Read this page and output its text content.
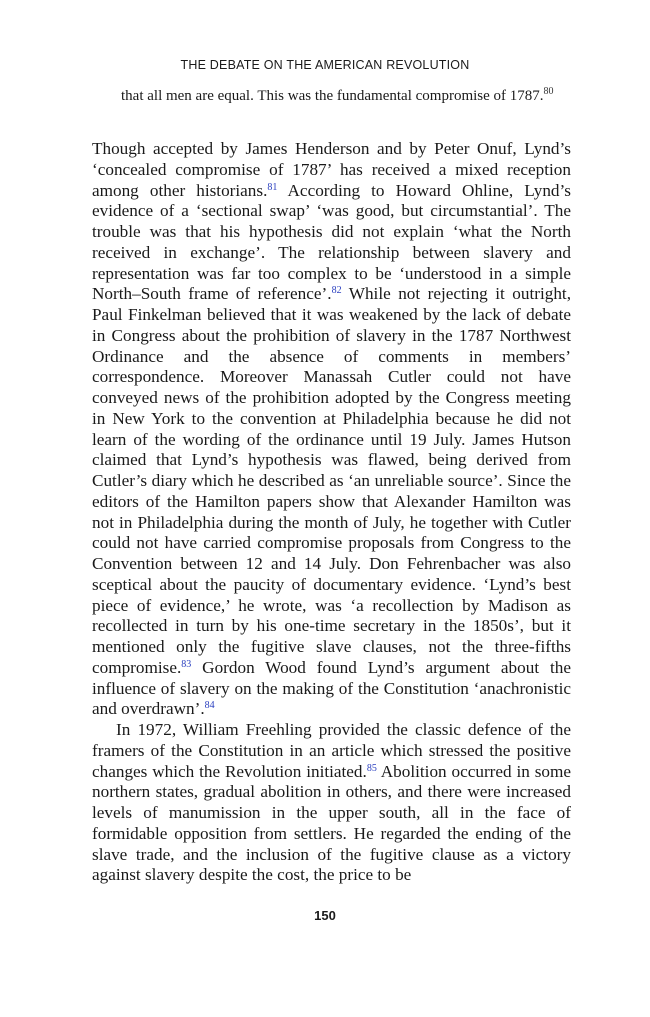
THE DEBATE ON THE AMERICAN REVOLUTION
that all men are equal. This was the fundamental compromise of 1787.80

Though accepted by James Henderson and by Peter Onuf, Lynd’s ‘concealed compromise of 1787’ has received a mixed reception among other historians.$^{81}$ According to Howard Ohline, Lynd’s evidence of a ‘sectional swap’ ‘was good, but circumstantial’. The trouble was that his hypothesis did not explain ‘what the North received in exchange’. The relationship between slavery and representation was far too complex to be ‘understood in a simple North–South frame of reference’.$^{82}$ While not rejecting it outright, Paul Finkelman believed that it was weakened by the lack of debate in Congress about the prohibition of slavery in the 1787 Northwest Ordinance and the absence of comments in members’ correspondence. Moreover Manassah Cutler could not have conveyed news of the prohibition adopted by the Congress meeting in New York to the convention at Philadelphia because he did not learn of the wording of the ordinance until 19 July. James Hutson claimed that Lynd’s hypothesis was flawed, being derived from Cutler’s diary which he described as ‘an unreliable source’. Since the editors of the Hamilton papers show that Alexander Hamilton was not in Philadelphia during the month of July, he together with Cutler could not have carried compromise proposals from Congress to the Convention between 12 and 14 July. Don Fehrenbacher was also sceptical about the paucity of documentary evidence. ‘Lynd’s best piece of evidence,’ he wrote, was ‘a recollection by Madison as recollected in turn by his one-time secretary in the 1850s’, but it mentioned only the fugitive slave clauses, not the three-fifths compromise.$^{83}$ Gordon Wood found Lynd’s argument about the influence of slavery on the making of the Constitution ‘anachronistic and overdrawn’.$^{84}$

In 1972, William Freehling provided the classic defence of the framers of the Constitution in an article which stressed the positive changes which the Revolution initiated.$^{85}$ Abolition occurred in some northern states, gradual abolition in others, and there were increased levels of manumission in the upper south, all in the face of formidable opposition from settlers. He regarded the ending of the slave trade, and the inclusion of the fugitive clause as a victory against slavery despite the cost, the price to be

150
